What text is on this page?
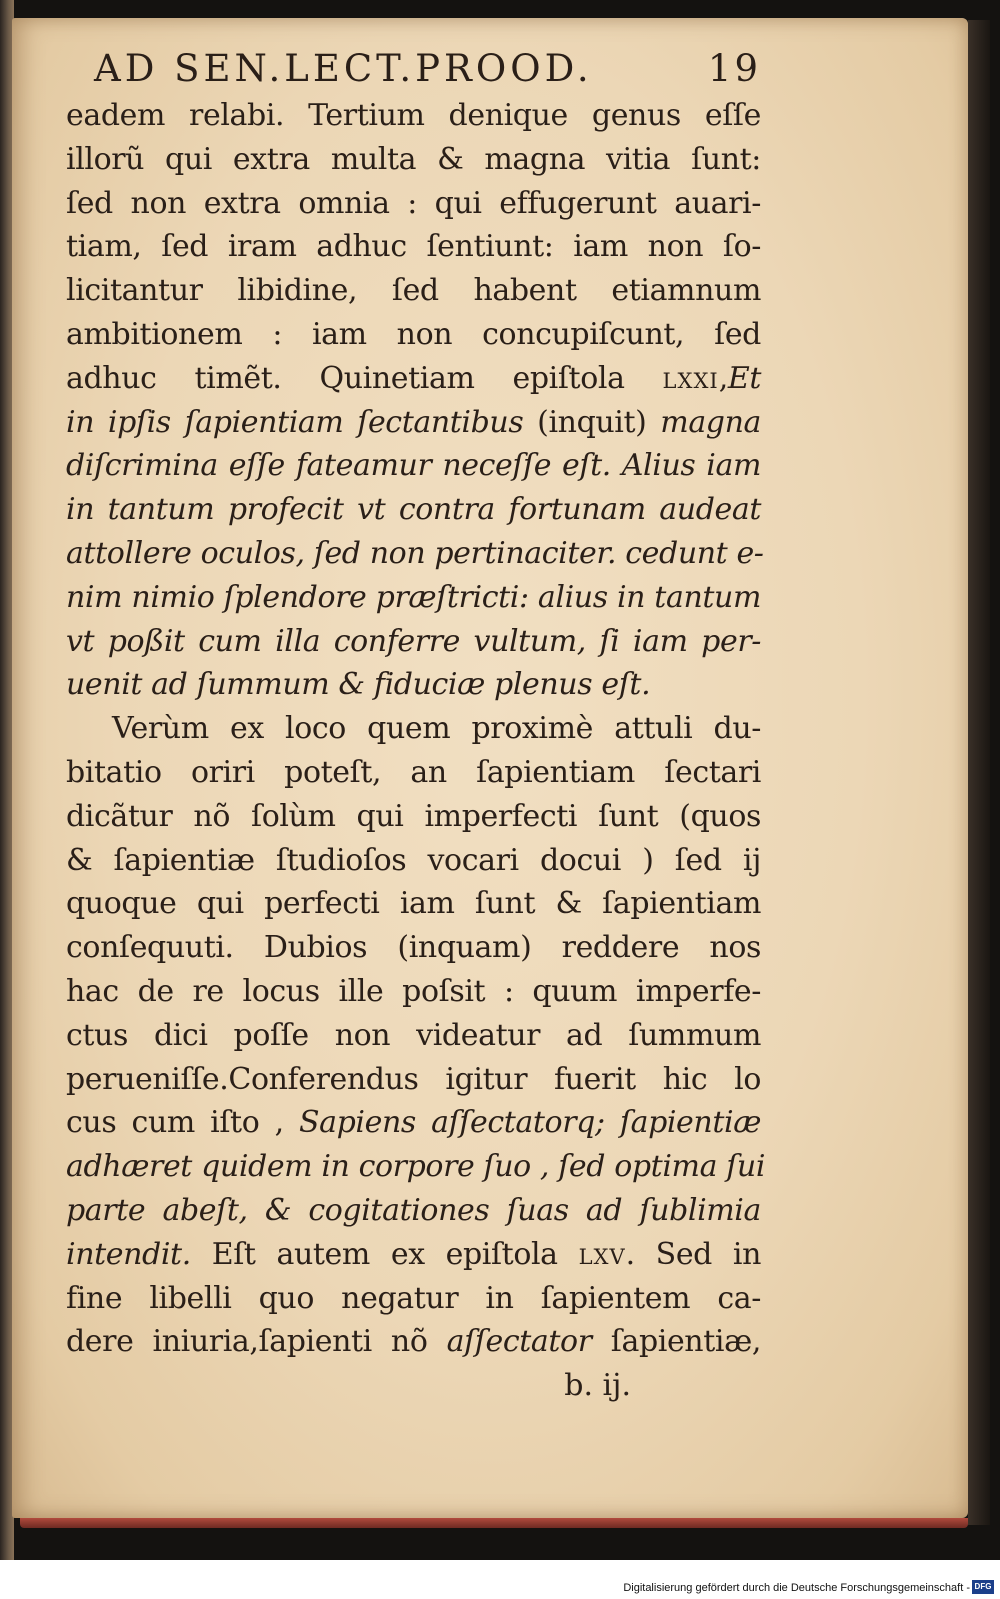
AD SEN.LECT.PROOD.	19
eadem relabi. Tertium denique genus eſſe
illorũ qui extra multa & magna vitia ſunt:
ſed non extra omnia : qui effugerunt auari-
tiam, ſed iram adhuc ſentiunt: iam non ſo-
licitantur libidine, ſed habent etiamnum
ambitionem : iam non concupiſcunt, ſed
adhuc timẽt. Quinetiam epiſtola lxxi,Et
in ipſis ſapientiam ſectantibus (inquit) magna
diſcrimina eſſe fateamur neceſſe eſt. Alius iam
in tantum profecit vt contra fortunam audeat
attollere oculos, ſed non pertinaciter. cedunt e-
nim nimio ſplendore præſtricti: alius in tantum
vt poßit cum illa conferre vultum, ſi iam per-
uenit ad ſummum & fiduciæ plenus eſt.
Verùm ex loco quem proximè attuli du-
bitatio oriri poteſt, an ſapientiam ſectari
dicãtur nõ ſolùm qui imperfecti ſunt (quos
& ſapientiæ ſtudioſos vocari docui ) ſed ij
quoque qui perfecti iam ſunt & ſapientiam
conſequuti. Dubios (inquam) reddere nos
hac de re locus ille poſsit : quum imperfe-
ctus dici poſſe non videatur ad ſummum
perueniſſe.Conferendus igitur fuerit hic lo
cus cum iſto , Sapiens aſſectatorq; ſapientiæ
adhæret quidem in corpore ſuo , ſed optima ſui
parte abeſt, & cogitationes ſuas ad ſublimia
intendit. Eſt autem ex epiſtola lxv. Sed in
fine libelli quo negatur in ſapientem ca-
dere iniuria,ſapienti nõ aſſectator ſapientiæ,
b. ij.
Digitalisierung gefördert durch die Deutsche Forschungsgemeinschaft - DFG
